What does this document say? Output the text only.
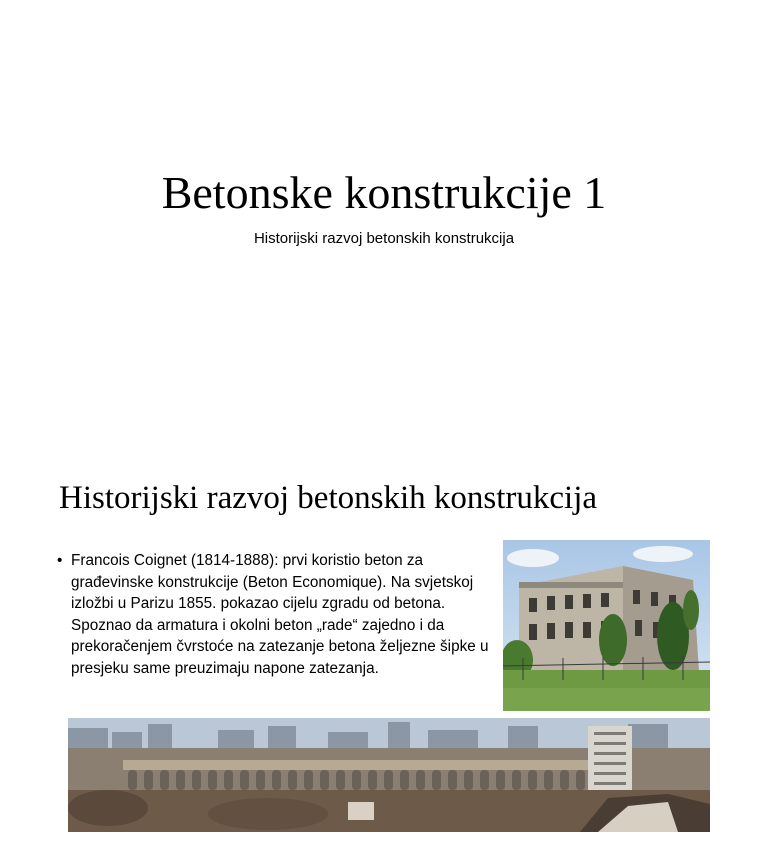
Betonske konstrukcije 1
Historijski razvoj betonskih konstrukcija
Historijski razvoj betonskih konstrukcija
• Francois Coignet (1814-1888): prvi koristio beton za građevinske konstrukcije (Beton Economique). Na svjetskoj izložbi u Parizu 1855. pokazao cijelu zgradu od betona. Spoznao da armatura i okolni beton „rade“ zajedno i da prekoračenjem čvrstoće na zatezanje betona željezne šipke u presjeku same preuzimaju napone zatezanja.
